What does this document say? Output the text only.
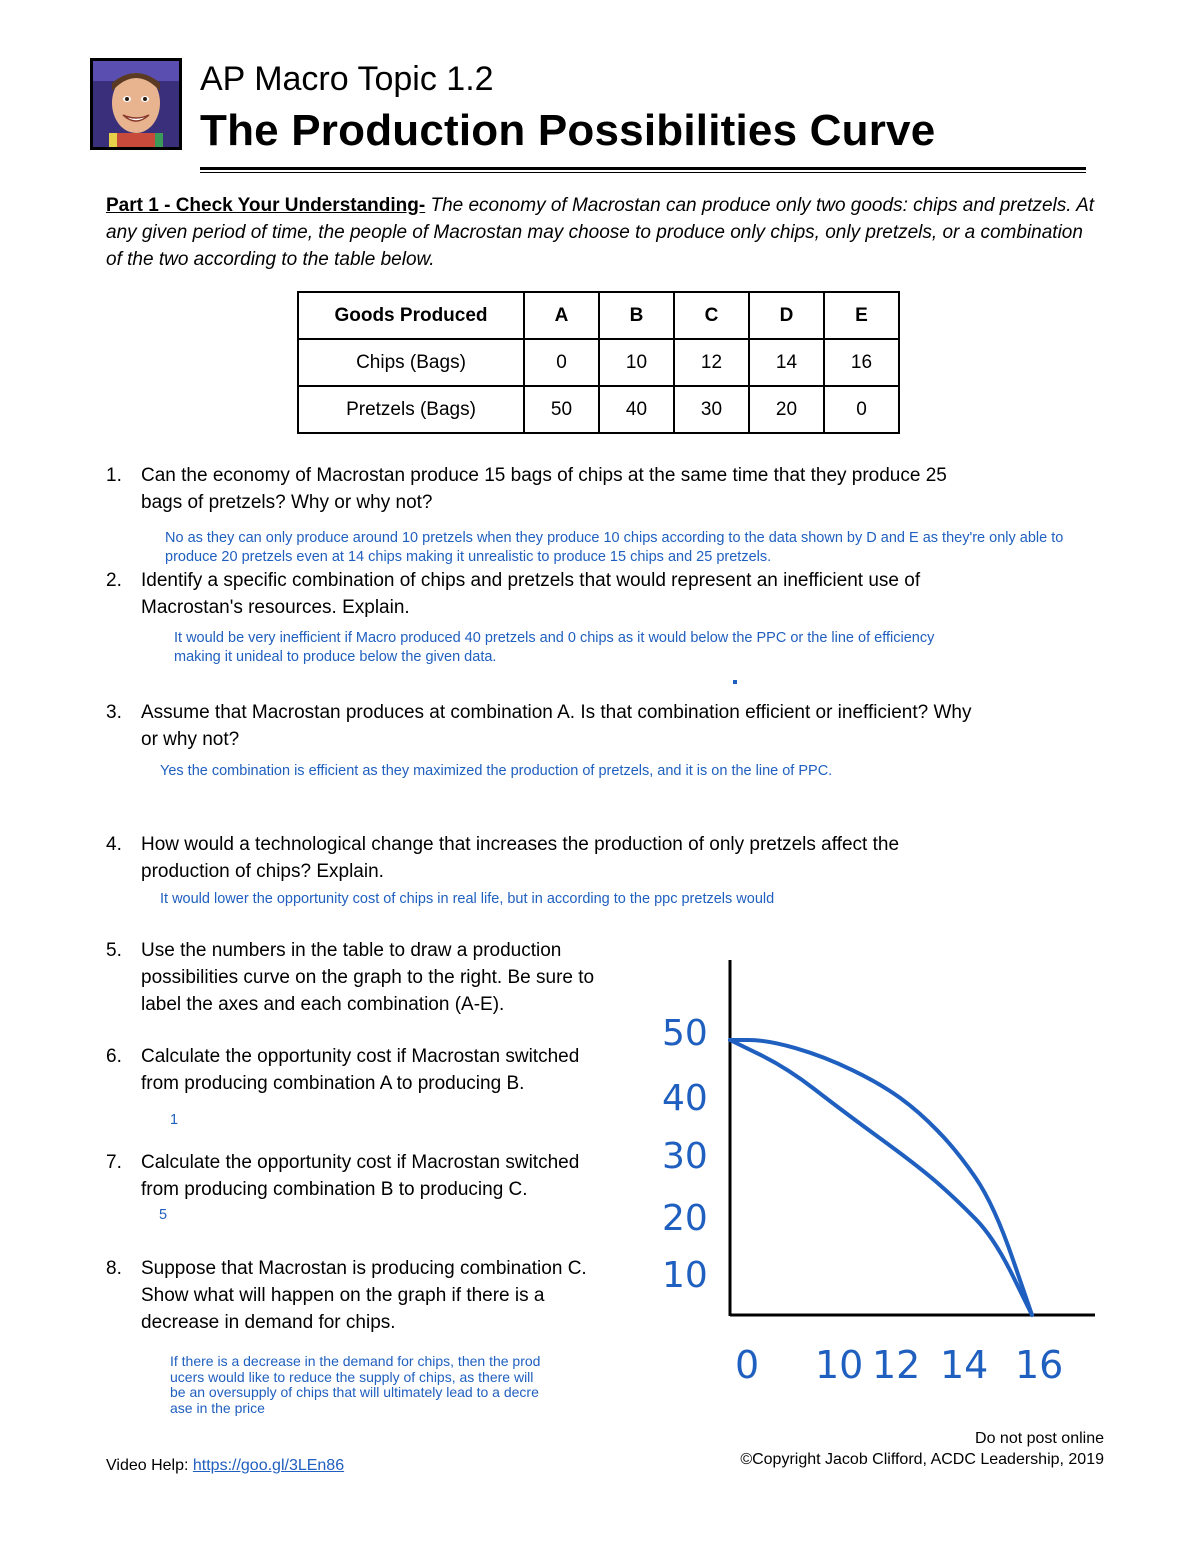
AP Macro Topic 1.2
The Production Possibilities Curve
Part 1 - Check Your Understanding- The economy of Macrostan can produce only two goods: chips and pretzels. At any given period of time, the people of Macrostan may choose to produce only chips, only pretzels, or a combination of the two according to the table below.
Goods Produced	A	B	C	D	E
Chips (Bags)	0	10	12	14	16
Pretzels (Bags)	50	40	30	20	0
1. Can the economy of Macrostan produce 15 bags of chips at the same time that they produce 25
bags of pretzels? Why or why not?
No as they can only produce around 10 pretzels when they produce 10 chips according to the data shown by D and E as they're only able to
produce 20 pretzels even at 14 chips making it unrealistic to produce 15 chips and 25 pretzels.
2. Identify a specific combination of chips and pretzels that would represent an inefficient use of
Macrostan's resources. Explain.
It would be very inefficient if Macro produced 40 pretzels and 0 chips as it would below the PPC or the line of efficiency
making it unideal to produce below the given data.
3. Assume that Macrostan produces at combination A. Is that combination efficient or inefficient? Why
or why not?
Yes the combination is efficient as they maximized the production of pretzels, and it is on the line of PPC.
4. How would a technological change that increases the production of only pretzels affect the
production of chips? Explain.
It would lower the opportunity cost of chips in real life, but in according to the ppc pretzels would
5. Use the numbers in the table to draw a production
possibilities curve on the graph to the right. Be sure to
label the axes and each combination (A-E).
6. Calculate the opportunity cost if Macrostan switched
from producing combination A to producing B.
1
7. Calculate the opportunity cost if Macrostan switched
from producing combination B to producing C.
5
8. Suppose that Macrostan is producing combination C.
Show what will happen on the graph if there is a
decrease in demand for chips.
If there is a decrease in the demand for chips, then the prod
ucers would like to reduce the supply of chips, as there will
be an oversupply of chips that will ultimately lead to a decre
ase in the price
50
40
30
20
10
0 10 12 14 16
Do not post online
©Copyright Jacob Clifford, ACDC Leadership, 2019
Video Help: https://goo.gl/3LEn86
